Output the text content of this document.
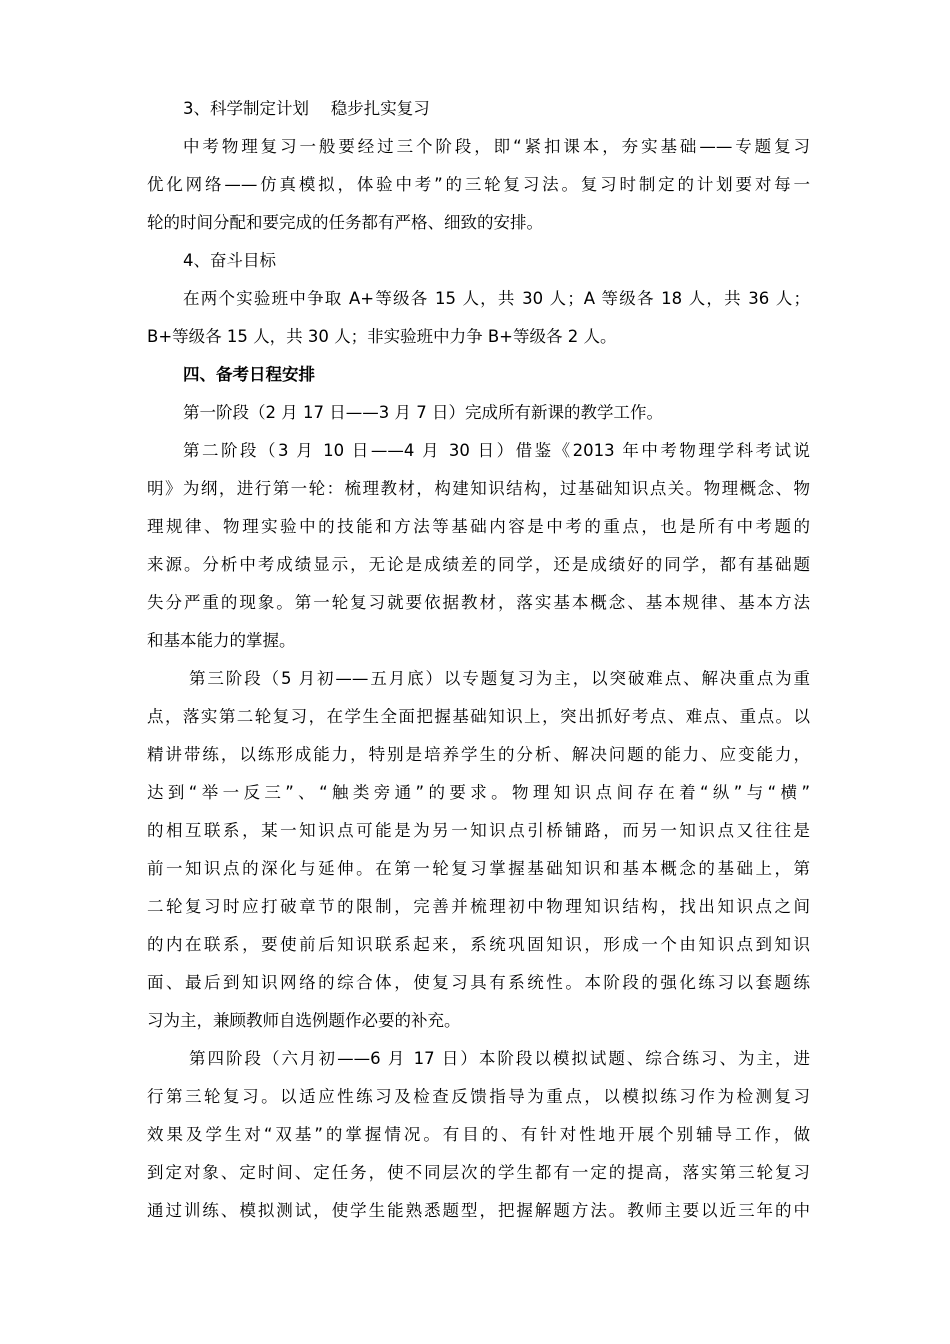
3、科学制定计划　 稳步扎实复习
中考物理复习一般要经过三个阶段，即“紧扣课本，夯实基础——专题复习
优化网络——仿真模拟，体验中考”的三轮复习法。复习时制定的计划要对每一
轮的时间分配和要完成的任务都有严格、细致的安排。
4、奋斗目标
在两个实验班中争取 A+等级各 15 人，共 30 人；A 等级各 18 人，共 36 人；
B+等级各 15 人，共 30 人；非实验班中力争 B+等级各 2 人。
四、备考日程安排
第一阶段（2 月 17 日——3 月 7 日）完成所有新课的教学工作。
第二阶段（3 月 10 日——4 月 30 日）借鉴《2013 年中考物理学科考试说
明》为纲，进行第一轮：梳理教材，构建知识结构，过基础知识点关。物理概念、物
理规律、物理实验中的技能和方法等基础内容是中考的重点，也是所有中考题的
来源。分析中考成绩显示，无论是成绩差的同学，还是成绩好的同学，都有基础题
失分严重的现象。第一轮复习就要依据教材，落实基本概念、基本规律、基本方法
和基本能力的掌握。
第三阶段（5 月初——五月底）以专题复习为主，以突破难点、解决重点为重
点，落实第二轮复习，在学生全面把握基础知识上，突出抓好考点、难点、重点。以
精讲带练，以练形成能力，特别是培养学生的分析、解决问题的能力、应变能力，
达到“举一反三”、“触类旁通”的要求。物理知识点间存在着“纵”与“横”
的相互联系，某一知识点可能是为另一知识点引桥铺路，而另一知识点又往往是
前一知识点的深化与延伸。在第一轮复习掌握基础知识和基本概念的基础上，第
二轮复习时应打破章节的限制，完善并梳理初中物理知识结构，找出知识点之间
的内在联系，要使前后知识联系起来，系统巩固知识，形成一个由知识点到知识
面、最后到知识网络的综合体，使复习具有系统性。本阶段的强化练习以套题练
习为主，兼顾教师自选例题作必要的补充。
第四阶段（六月初——6 月 17 日）本阶段以模拟试题、综合练习、为主，进
行第三轮复习。以适应性练习及检查反馈指导为重点，以模拟练习作为检测复习
效果及学生对“双基”的掌握情况。有目的、有针对性地开展个别辅导工作，做
到定对象、定时间、定任务，使不同层次的学生都有一定的提高，落实第三轮复习
通过训练、模拟测试，使学生能熟悉题型，把握解题方法。教师主要以近三年的中
